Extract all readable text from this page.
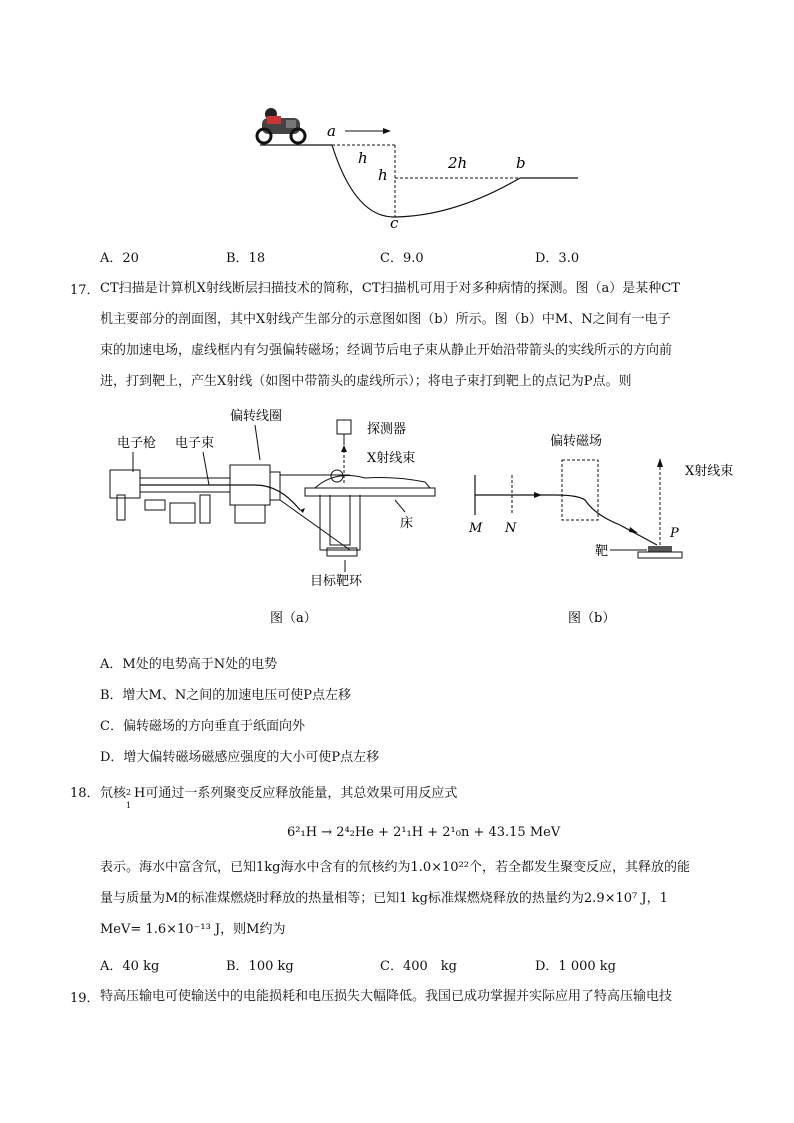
a
h
h
2h	b
c
A．20	B．18	C．9.0	D．3.0
17． CT扫描是计算机X射线断层扫描技术的简称，CT扫描机可用于对多种病情的探测。图（a）是某种CT
机主要部分的剖面图，其中X射线产生部分的示意图如图（b）所示。图（b）中M、N之间有一电子
束的加速电场，虚线框内有匀强偏转磁场；经调节后电子束从静止开始沿带箭头的实线所示的方向前
进，打到靶上，产生X射线（如图中带箭头的虚线所示）；将电子束打到靶上的点记为P点。则
电子枪 电子束
偏转线圈
探测器
X射线束
床
目标靶环
图（a）
偏转磁场
X射线束
M N	P
靶
图（b）
A．M处的电势高于N处的电势
B．增大M、N之间的加速电压可使P点左移
C．偏转磁场的方向垂直于纸面向外
D．增大偏转磁场磁感应强度的大小可使P点左移
18． 氘核 2
1
H可通过一系列聚变反应释放能量，其总效果可用反应式
6²₁H → 2⁴₂He + 2¹₁H + 2¹₀n + 43.15 MeV
表示。海水中富含氘，已知1kg海水中含有的氘核约为1.0×10²²个，若全都发生聚变反应，其释放的能
量与质量为M的标准煤燃烧时释放的热量相等；已知1 kg标准煤燃烧释放的热量约为2.9×10⁷ J，1
MeV= 1.6×10⁻¹³ J，则M约为
A．40 kg	B．100 kg	C．400　kg	D．1 000 kg
19． 特高压输电可使输送中的电能损耗和电压损失大幅降低。我国已成功掌握并实际应用了特高压输电技
